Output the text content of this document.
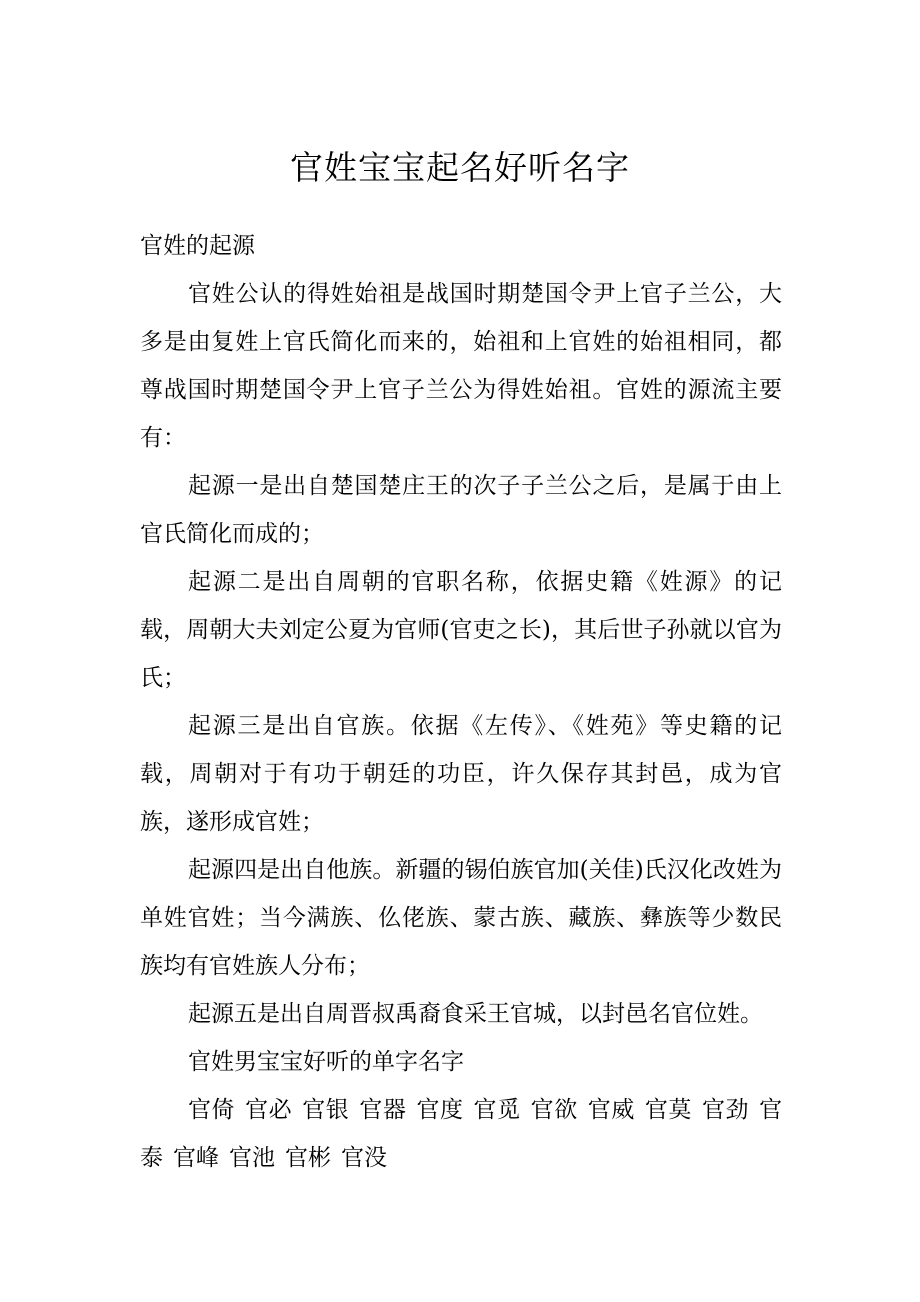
官姓宝宝起名好听名字

官姓的起源

官姓公认的得姓始祖是战国时期楚国令尹上官子兰公，大多是由复姓上官氏简化而来的，始祖和上官姓的始祖相同，都尊战国时期楚国令尹上官子兰公为得姓始祖。官姓的源流主要有：

起源一是出自楚国楚庄王的次子子兰公之后，是属于由上官氏简化而成的；

起源二是出自周朝的官职名称，依据史籍《姓源》的记载，周朝大夫刘定公夏为官师(官吏之长)，其后世子孙就以官为氏；

起源三是出自官族。依据《左传》、《姓苑》等史籍的记载，周朝对于有功于朝廷的功臣，许久保存其封邑，成为官族，遂形成官姓；

起源四是出自他族。新疆的锡伯族官加(关佳)氏汉化改姓为单姓官姓；当今满族、仫佬族、蒙古族、藏族、彝族等少数民族均有官姓族人分布；

起源五是出自周晋叔禹裔食采王官城，以封邑名官位姓。

官姓男宝宝好听的单字名字

官倚 官必 官银 官器 官度 官觅 官欲 官威 官莫 官劲 官泰 官峰 官池 官彬 官没
